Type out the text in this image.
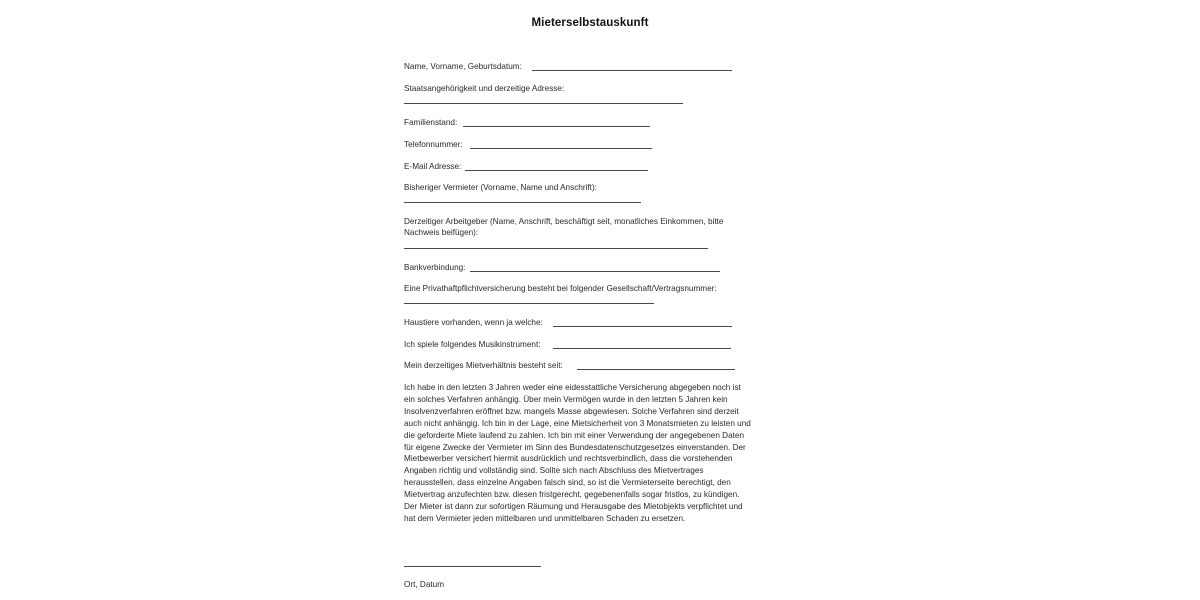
Mieterselbstauskunft
Name, Vorname, Geburtsdatum:
Staatsangehörigkeit und derzeitige Adresse:
Familienstand:
Telefonnummer:
E-Mail Adresse:
Bisheriger Vermieter (Vorname, Name und Anschrift):
Derzeitiger Arbeitgeber (Name, Anschrift, beschäftigt seit, monatliches Einkommen, bitte
Nachweis beifügen):
Bankverbindung:
Eine Privathaftpflichtversicherung besteht bei folgender Gesellschaft/Vertragsnummer:
Haustiere vorhanden, wenn ja welche:
Ich spiele folgendes Musikinstrument:
Mein derzeitiges Mietverhältnis besteht seit:
Ich habe in den letzten 3 Jahren weder eine eidesstattliche Versicherung abgegeben noch ist
ein solches Verfahren anhängig. Über mein Vermögen wurde in den letzten 5 Jahren kein
Insolvenzverfahren eröffnet bzw. mangels Masse abgewiesen. Solche Verfahren sind derzeit
auch nicht anhängig. Ich bin in der Lage, eine Mietsicherheit von 3 Monatsmieten zu leisten und
die geforderte Miete laufend zu zahlen. Ich bin mit einer Verwendung der angegebenen Daten
für eigene Zwecke der Vermieter im Sinn des Bundesdatenschutzgesetzes einverstanden. Der
Mietbewerber versichert hiermit ausdrücklich und rechtsverbindlich, dass die vorstehenden
Angaben richtig und vollständig sind. Sollte sich nach Abschluss des Mietvertrages
herausstellen, dass einzelne Angaben falsch sind, so ist die Vermieterseite berechtigt, den
Mietvertrag anzufechten bzw. diesen fristgerecht, gegebenenfalls sogar fristlos, zu kündigen.
Der Mieter ist dann zur sofortigen Räumung und Herausgabe des Mietobjekts verpflichtet und
hat dem Vermieter jeden mittelbaren und unmittelbaren Schaden zu ersetzen.
Ort, Datum
